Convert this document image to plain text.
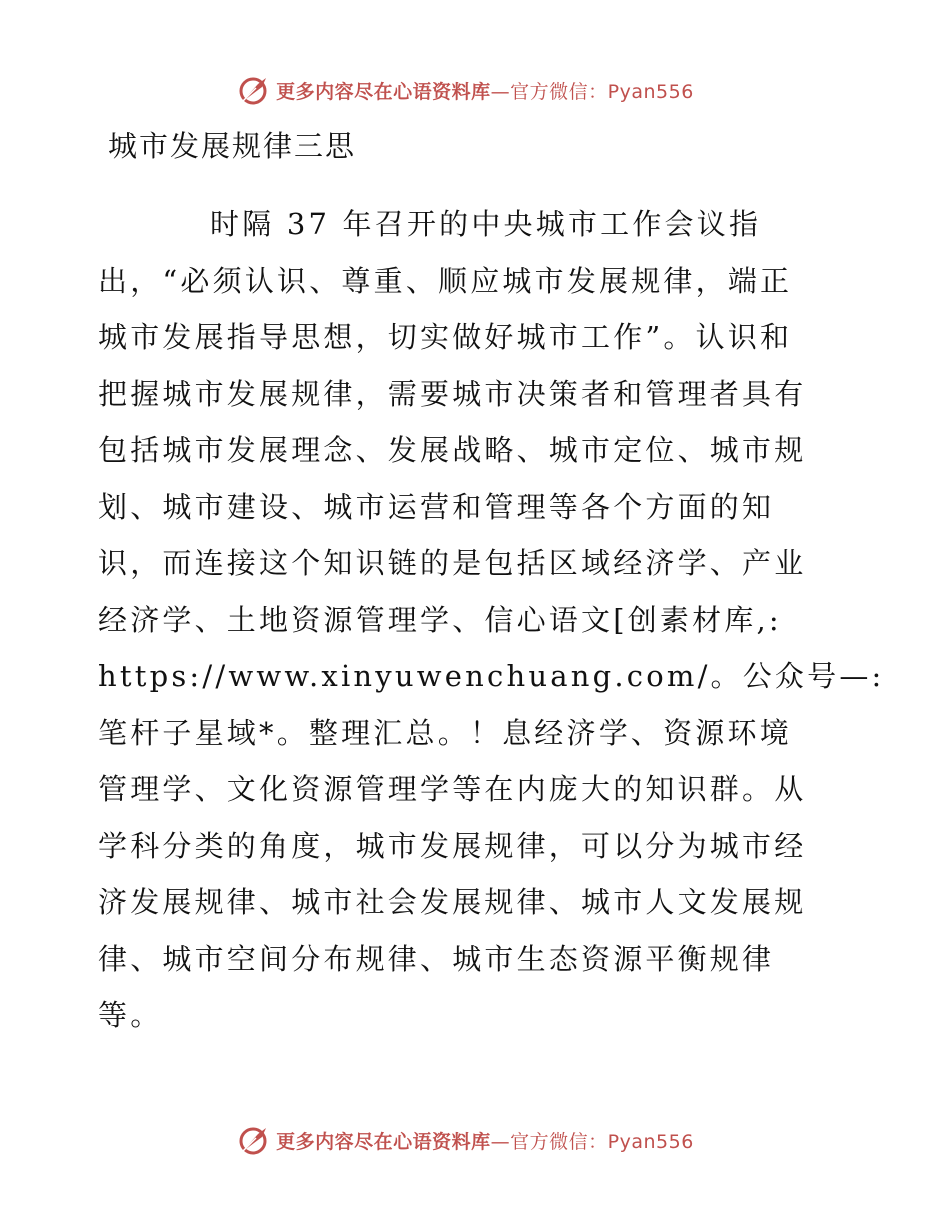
更多内容尽在心语资料库—官方微信：Pyan556
城市发展规律三思
时隔 37 年召开的中央城市工作会议指
出，“必须认识、尊重、顺应城市发展规律，端正
城市发展指导思想，切实做好城市工作”。认识和
把握城市发展规律，需要城市决策者和管理者具有
包括城市发展理念、发展战略、城市定位、城市规
划、城市建设、城市运营和管理等各个方面的知
识，而连接这个知识链的是包括区域经济学、产业
经济学、土地资源管理学、信心语文[创素材库,:
https://www.xinyuwenchuang.com/。公众号—:
笔杆子星域*。整理汇总。！息经济学、资源环境
管理学、文化资源管理学等在内庞大的知识群。从
学科分类的角度，城市发展规律，可以分为城市经
济发展规律、城市社会发展规律、城市人文发展规
律、城市空间分布规律、城市生态资源平衡规律
等。
更多内容尽在心语资料库—官方微信：Pyan556
